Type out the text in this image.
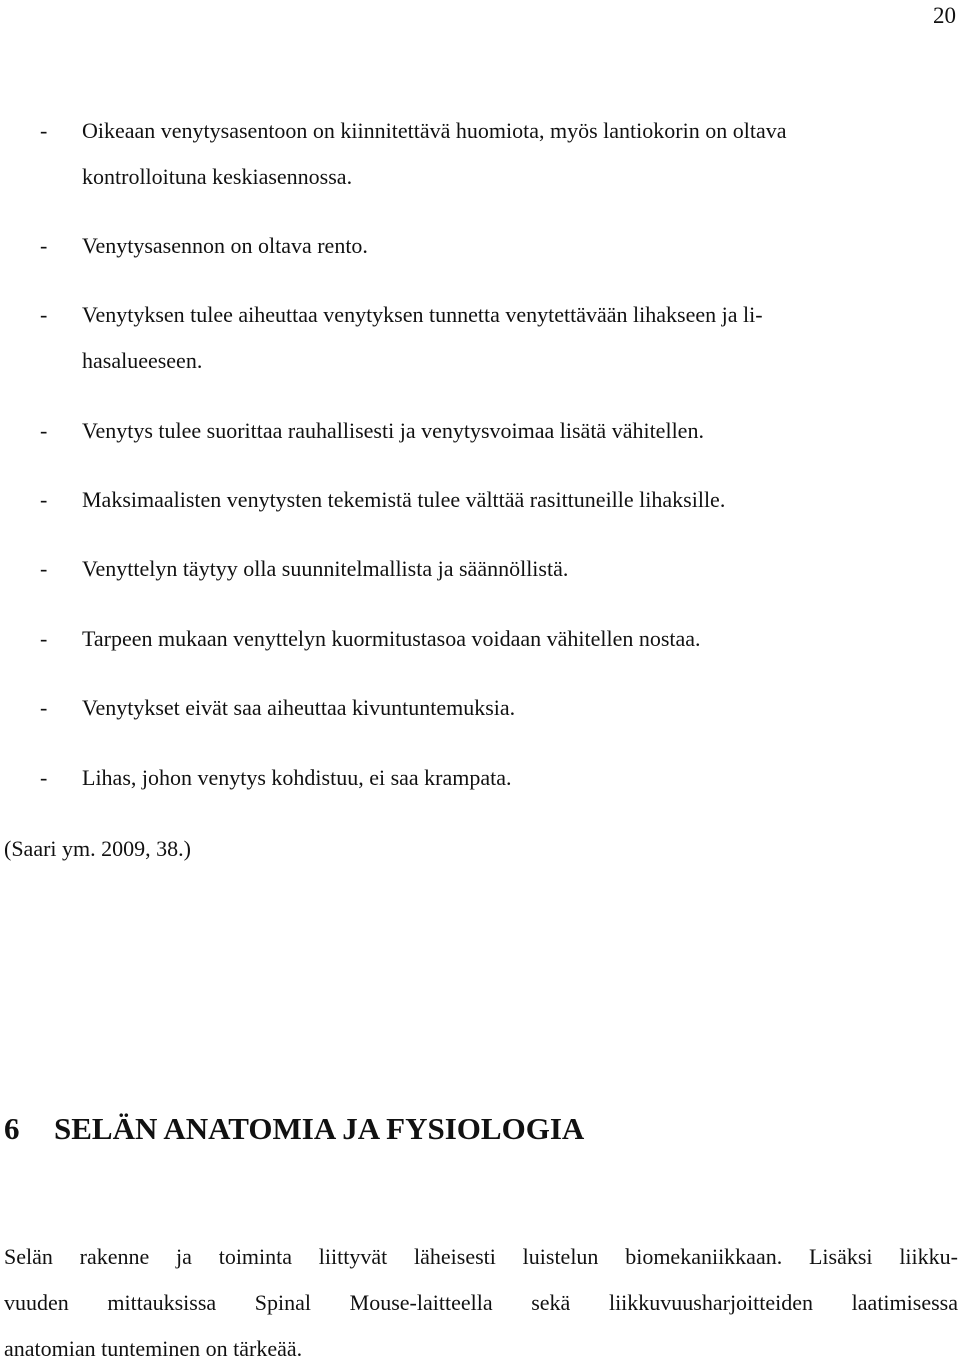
20
- Oikeaan venytysasentoon on kiinnitettävä huomiota, myös lantiokorin on oltava
kontrolloituna keskiasennossa.
- Venytysasennon on oltava rento.
- Venytyksen tulee aiheuttaa venytyksen tunnetta venytettävään lihakseen ja li-
hasalueeseen.
- Venytys tulee suorittaa rauhallisesti ja venytysvoimaa lisätä vähitellen.
- Maksimaalisten venytysten tekemistä tulee välttää rasittuneille lihaksille.
- Venyttelyn täytyy olla suunnitelmallista ja säännöllistä.
- Tarpeen mukaan venyttelyn kuormitustasoa voidaan vähitellen nostaa.
- Venytykset eivät saa aiheuttaa kivuntuntemuksia.
- Lihas, johon venytys kohdistuu, ei saa krampata.
(Saari ym. 2009, 38.)
6 SELÄN ANATOMIA JA FYSIOLOGIA
Selän rakenne ja toiminta liittyvät läheisesti luistelun biomekaniikkaan. Lisäksi liikku-
vuuden mittauksissa Spinal Mouse-laitteella sekä liikkuvuusharjoitteiden laatimisessa
anatomian tunteminen on tärkeää.
